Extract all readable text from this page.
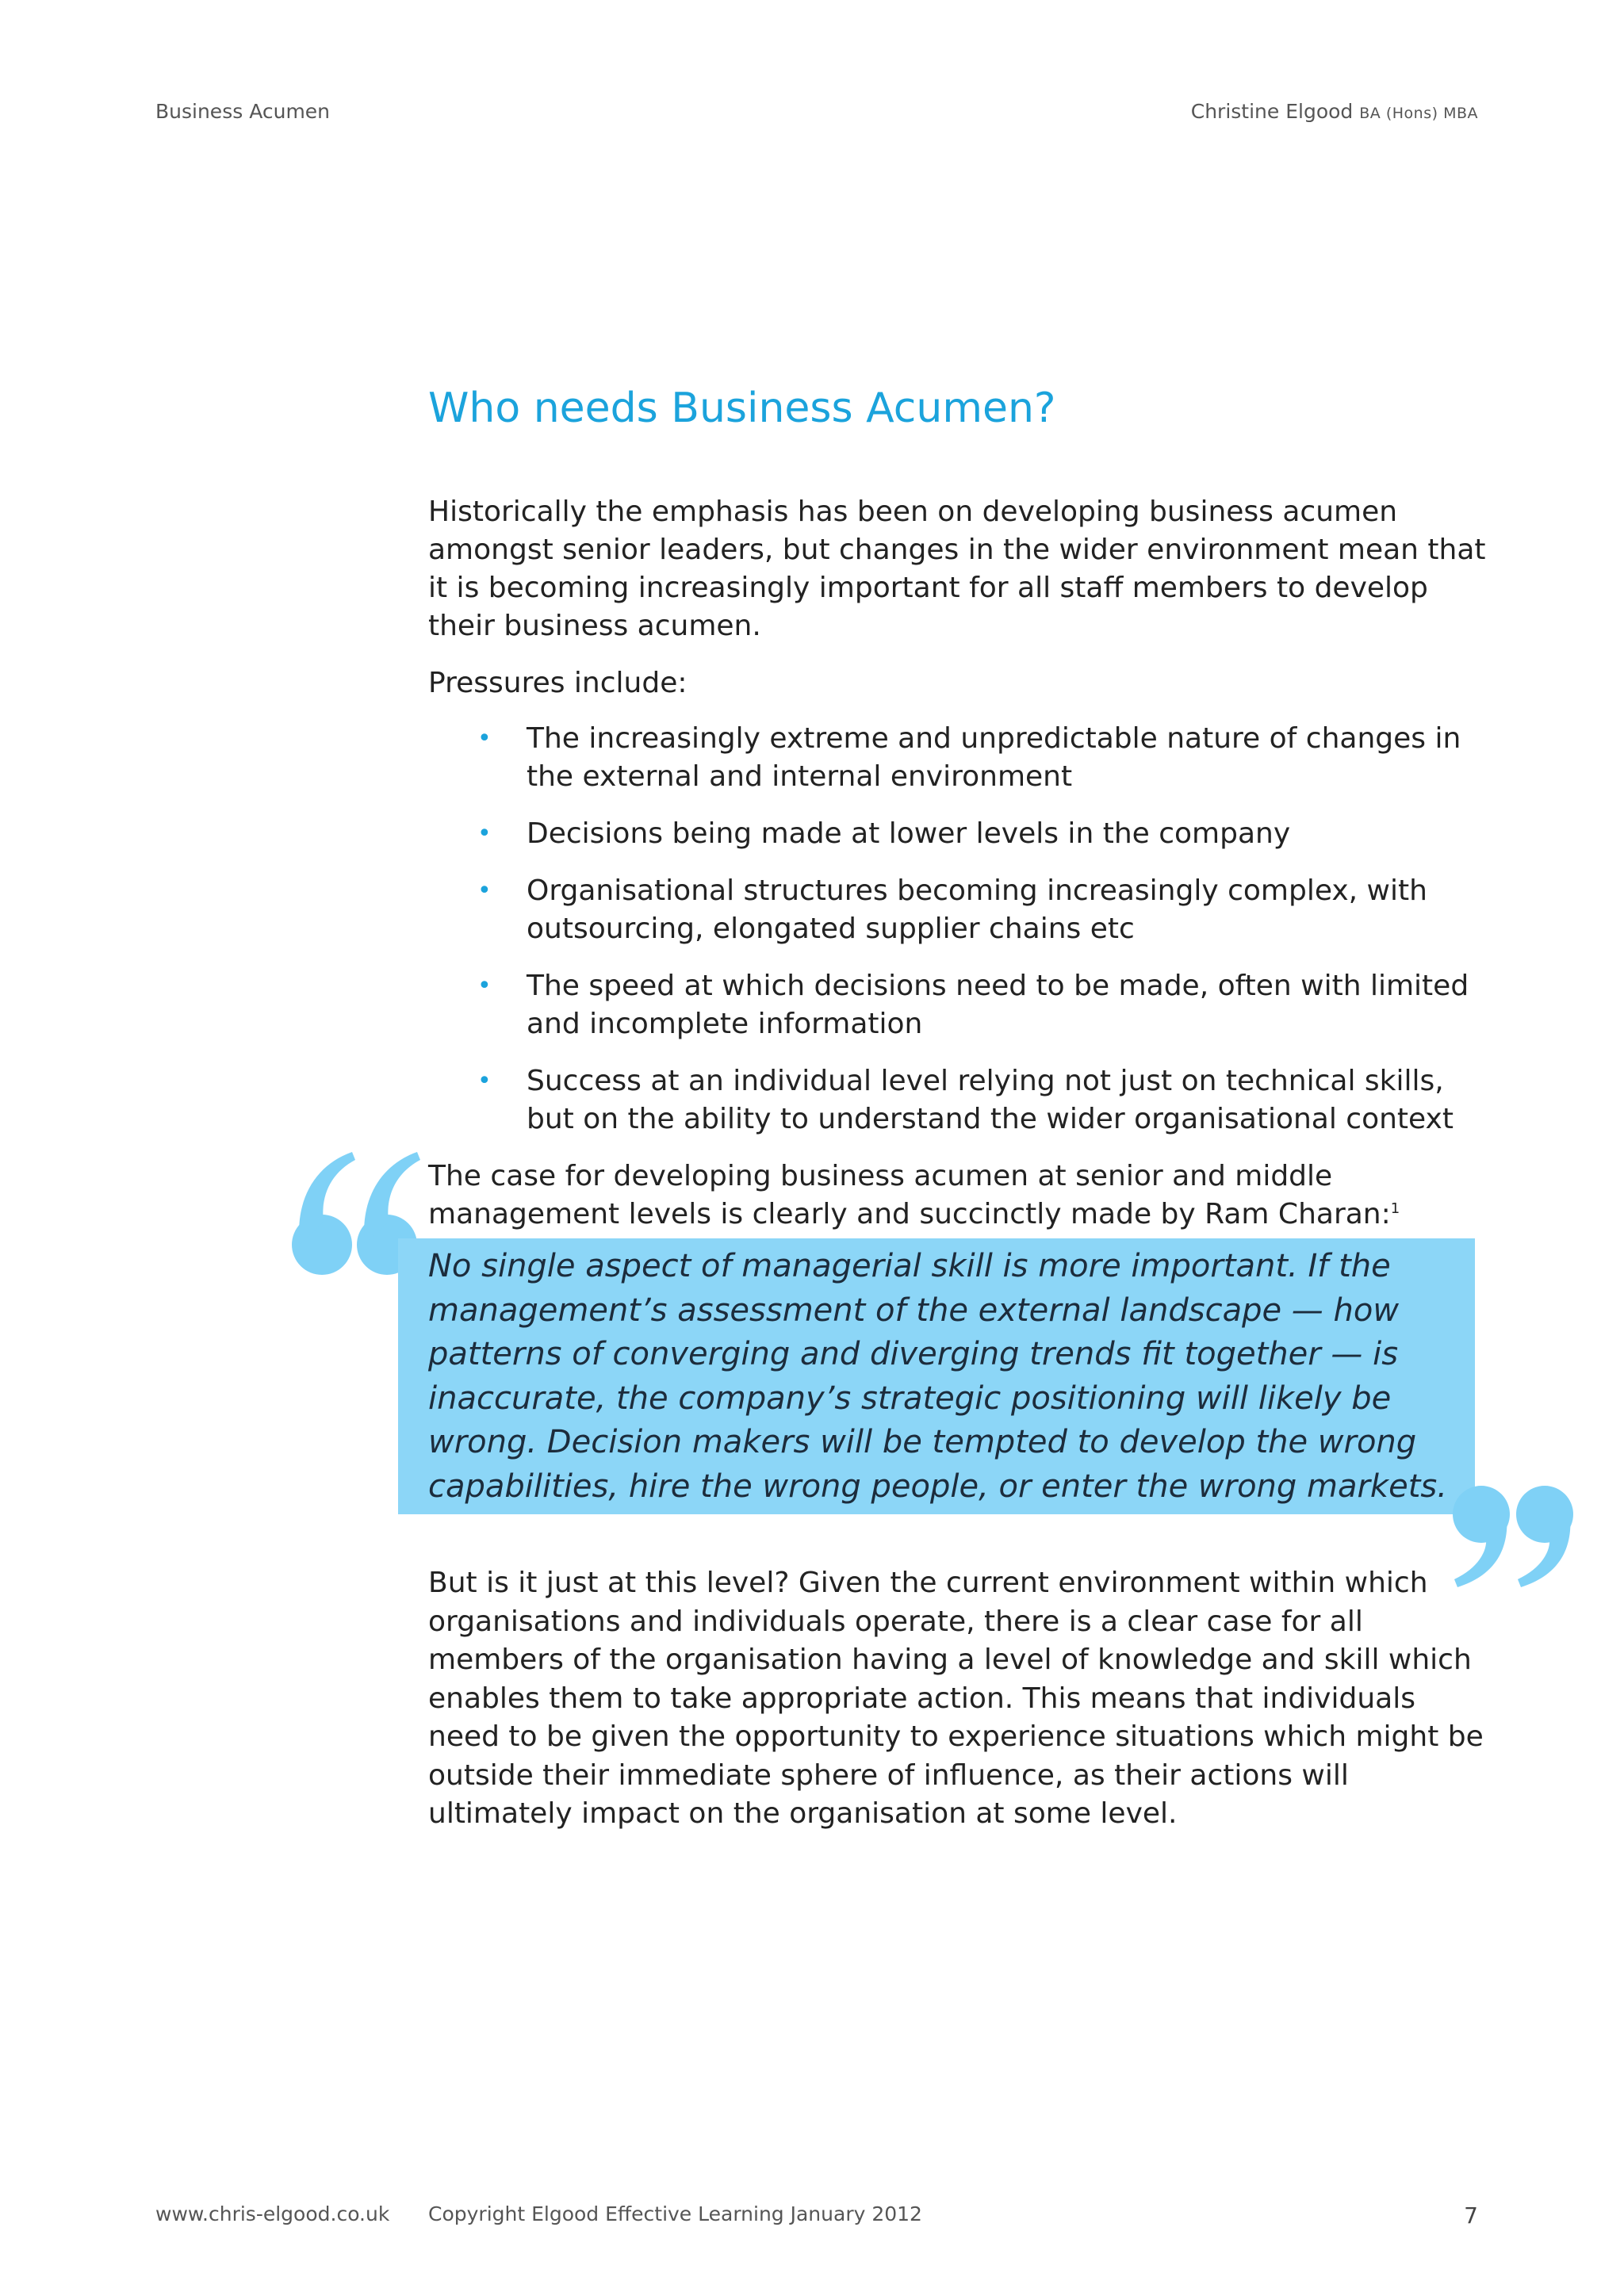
Business Acumen	Christine Elgood BA (Hons) MBA
Who needs Business Acumen?

Historically the emphasis has been on developing business acumen amongst senior leaders, but changes in the wider environment mean that it is becoming increasingly important for all staff members to develop their business acumen.

Pressures include:

• The increasingly extreme and unpredictable nature of changes in the external and internal environment
• Decisions being made at lower levels in the company
• Organisational structures becoming increasingly complex, with outsourcing, elongated supplier chains etc
• The speed at which decisions need to be made, often with limited and incomplete information
• Success at an individual level relying not just on technical skills, but on the ability to understand the wider organisational context

The case for developing business acumen at senior and middle management levels is clearly and succinctly made by Ram Charan:$^1$

No single aspect of managerial skill is more important. If the management’s assessment of the external landscape — how patterns of converging and diverging trends fit together — is inaccurate, the company’s strategic positioning will likely be wrong. Decision makers will be tempted to develop the wrong capabilities, hire the wrong people, or enter the wrong markets.

But is it just at this level? Given the current environment within which organisations and individuals operate, there is a clear case for all members of the organisation having a level of knowledge and skill which enables them to take appropriate action. This means that individuals need to be given the opportunity to experience situations which might be outside their immediate sphere of influence, as their actions will ultimately impact on the organisation at some level.

www.chris-elgood.co.uk Copyright Elgood Effective Learning January 2012	7
